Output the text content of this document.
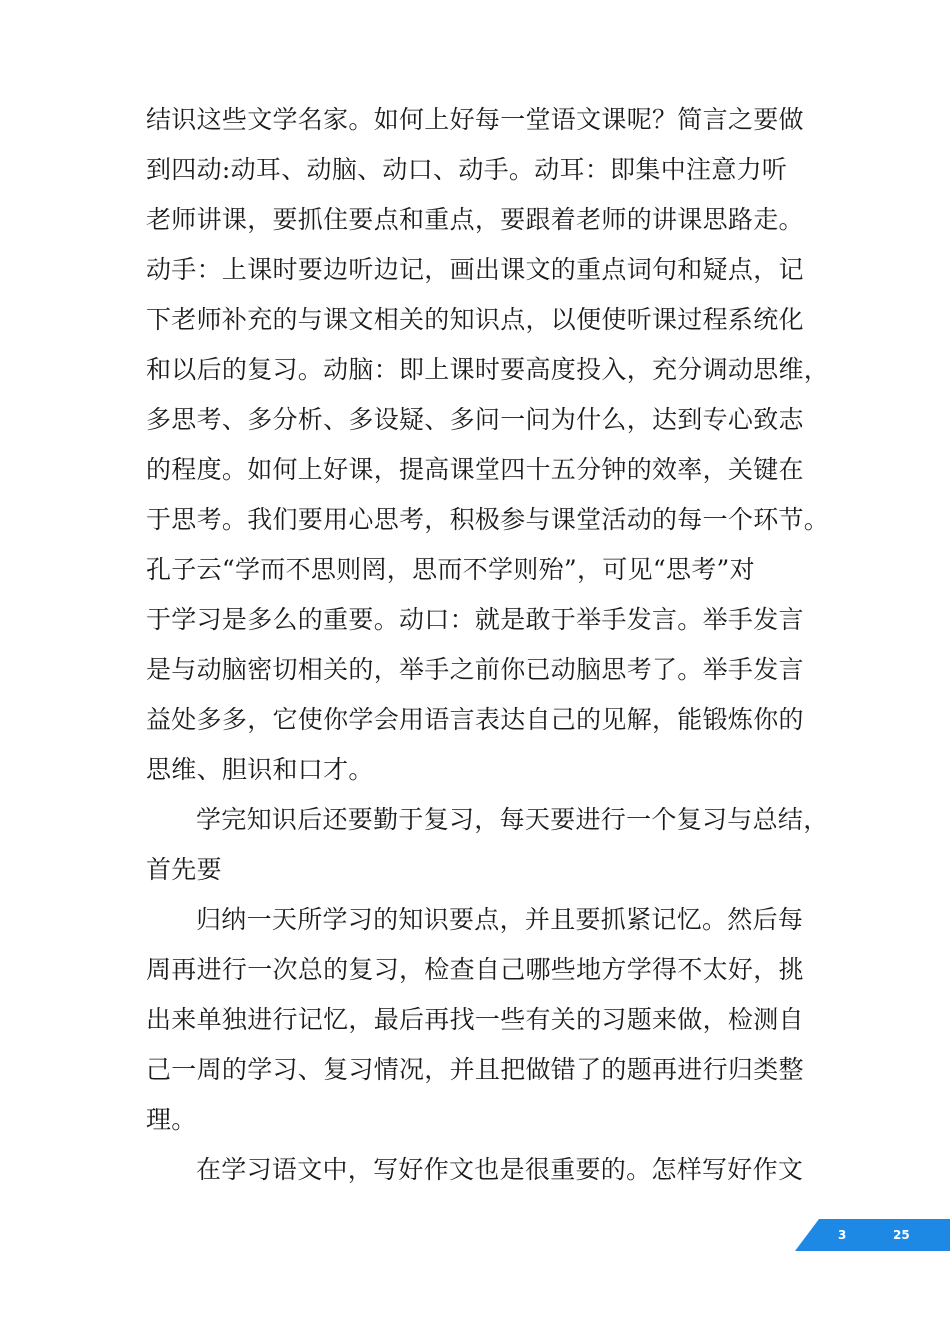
结识这些文学名家。如何上好每一堂语文课呢？简言之要做
到四动:动耳、动脑、动口、动手。动耳：即集中注意力听
老师讲课，要抓住要点和重点，要跟着老师的讲课思路走。
动手：上课时要边听边记，画出课文的重点词句和疑点，记
下老师补充的与课文相关的知识点，以便使听课过程系统化
和以后的复习。动脑：即上课时要高度投入，充分调动思维，
多思考、多分析、多设疑、多问一问为什么，达到专心致志
的程度。如何上好课，提高课堂四十五分钟的效率，关键在
于思考。我们要用心思考，积极参与课堂活动的每一个环节。
孔子云“学而不思则罔，思而不学则殆”，可见“思考”对
于学习是多么的重要。动口：就是敢于举手发言。举手发言
是与动脑密切相关的，举手之前你已动脑思考了。举手发言
益处多多，它使你学会用语言表达自己的见解，能锻炼你的
思维、胆识和口才。
学完知识后还要勤于复习，每天要进行一个复习与总结，
首先要
归纳一天所学习的知识要点，并且要抓紧记忆。然后每
周再进行一次总的复习，检查自己哪些地方学得不太好，挑
出来单独进行记忆，最后再找一些有关的习题来做，检测自
己一周的学习、复习情况，并且把做错了的题再进行归类整
理。
在学习语文中，写好作文也是很重要的。怎样写好作文
3	25
